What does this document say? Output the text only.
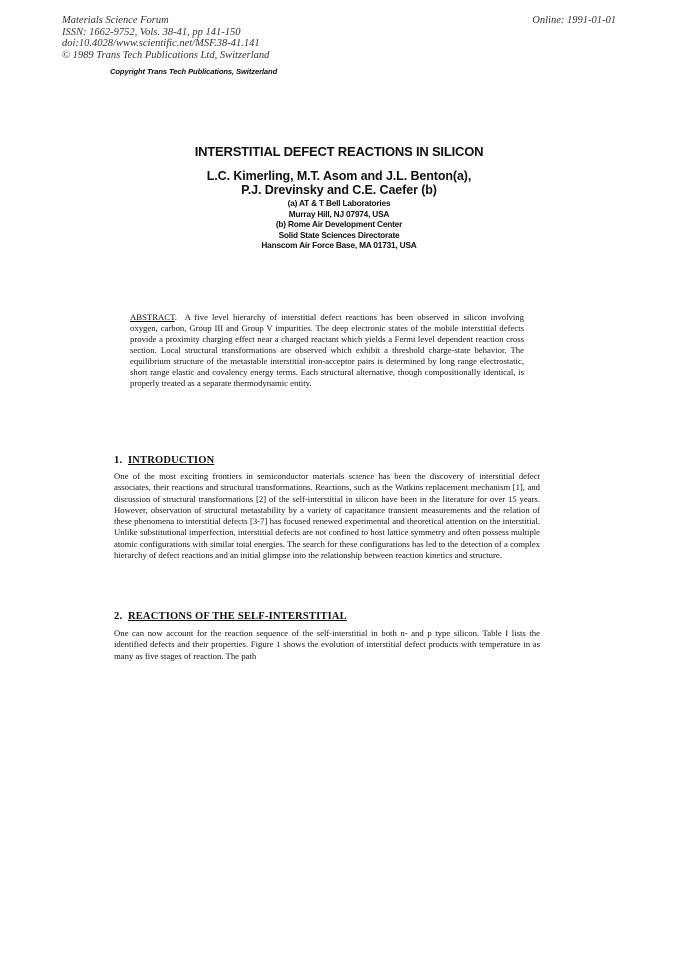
Materials Science Forum
ISSN: 1662-9752, Vols. 38-41, pp 141-150
doi:10.4028/www.scientific.net/MSF.38-41.141
© 1989 Trans Tech Publications Ltd, Switzerland
Online: 1991-01-01
Copyright Trans Tech Publications, Switzerland
INTERSTITIAL DEFECT REACTIONS IN SILICON
L.C. Kimerling, M.T. Asom and J.L. Benton(a),
P.J. Drevinsky and C.E. Caefer (b)
(a) AT & T Bell Laboratories
Murray Hill, NJ 07974, USA
(b) Rome Air Development Center
Solid State Sciences Directorate
Hanscom Air Force Base, MA 01731, USA
ABSTRACT.  A five level hierarchy of interstitial defect reactions has been observed in silicon involving oxygen, carbon, Group III and Group V impurities. The deep electronic states of the mobile interstitial defects provide a proximity charging effect near a charged reactant which yields a Fermi level dependent reaction cross section. Local structural transformations are observed which exhibit a threshold charge-state behavior. The equilibrium structure of the metastable interstitial iron-acceptor pairs is determined by long range electrostatic, short range elastic and covalency energy terms. Each structural alternative, though compositionally identical, is properly treated as a separate thermodynamic entity.
1. INTRODUCTION
One of the most exciting frontiers in semiconductor materials science has been the discovery of interstitial defect associates, their reactions and structural transformations. Reactions, such as the Watkins replacement mechanism [1], and discussion of structural transformations [2] of the self-interstitial in silicon have been in the literature for over 15 years. However, observation of structural metastability by a variety of capacitance transient measurements and the relation of these phenomena to interstitial defects [3-7] has focused renewed experimental and theoretical attention on the interstitial. Unlike substitutional imperfection, interstitial defects are not confined to host lattice symmetry and often possess multiple atomic configurations with similar total energies. The search for these configurations has led to the detection of a complex hierarchy of defect reactions and an initial glimpse into the relationship between reaction kinetics and structure.
2. REACTIONS OF THE SELF-INTERSTITIAL
One can now account for the reaction sequence of the self-interstitial in both n- and p type silicon. Table I lists the identified defects and their properties. Figure 1 shows the evolution of interstitial defect products with temperature in as many as five stages of reaction. The path
